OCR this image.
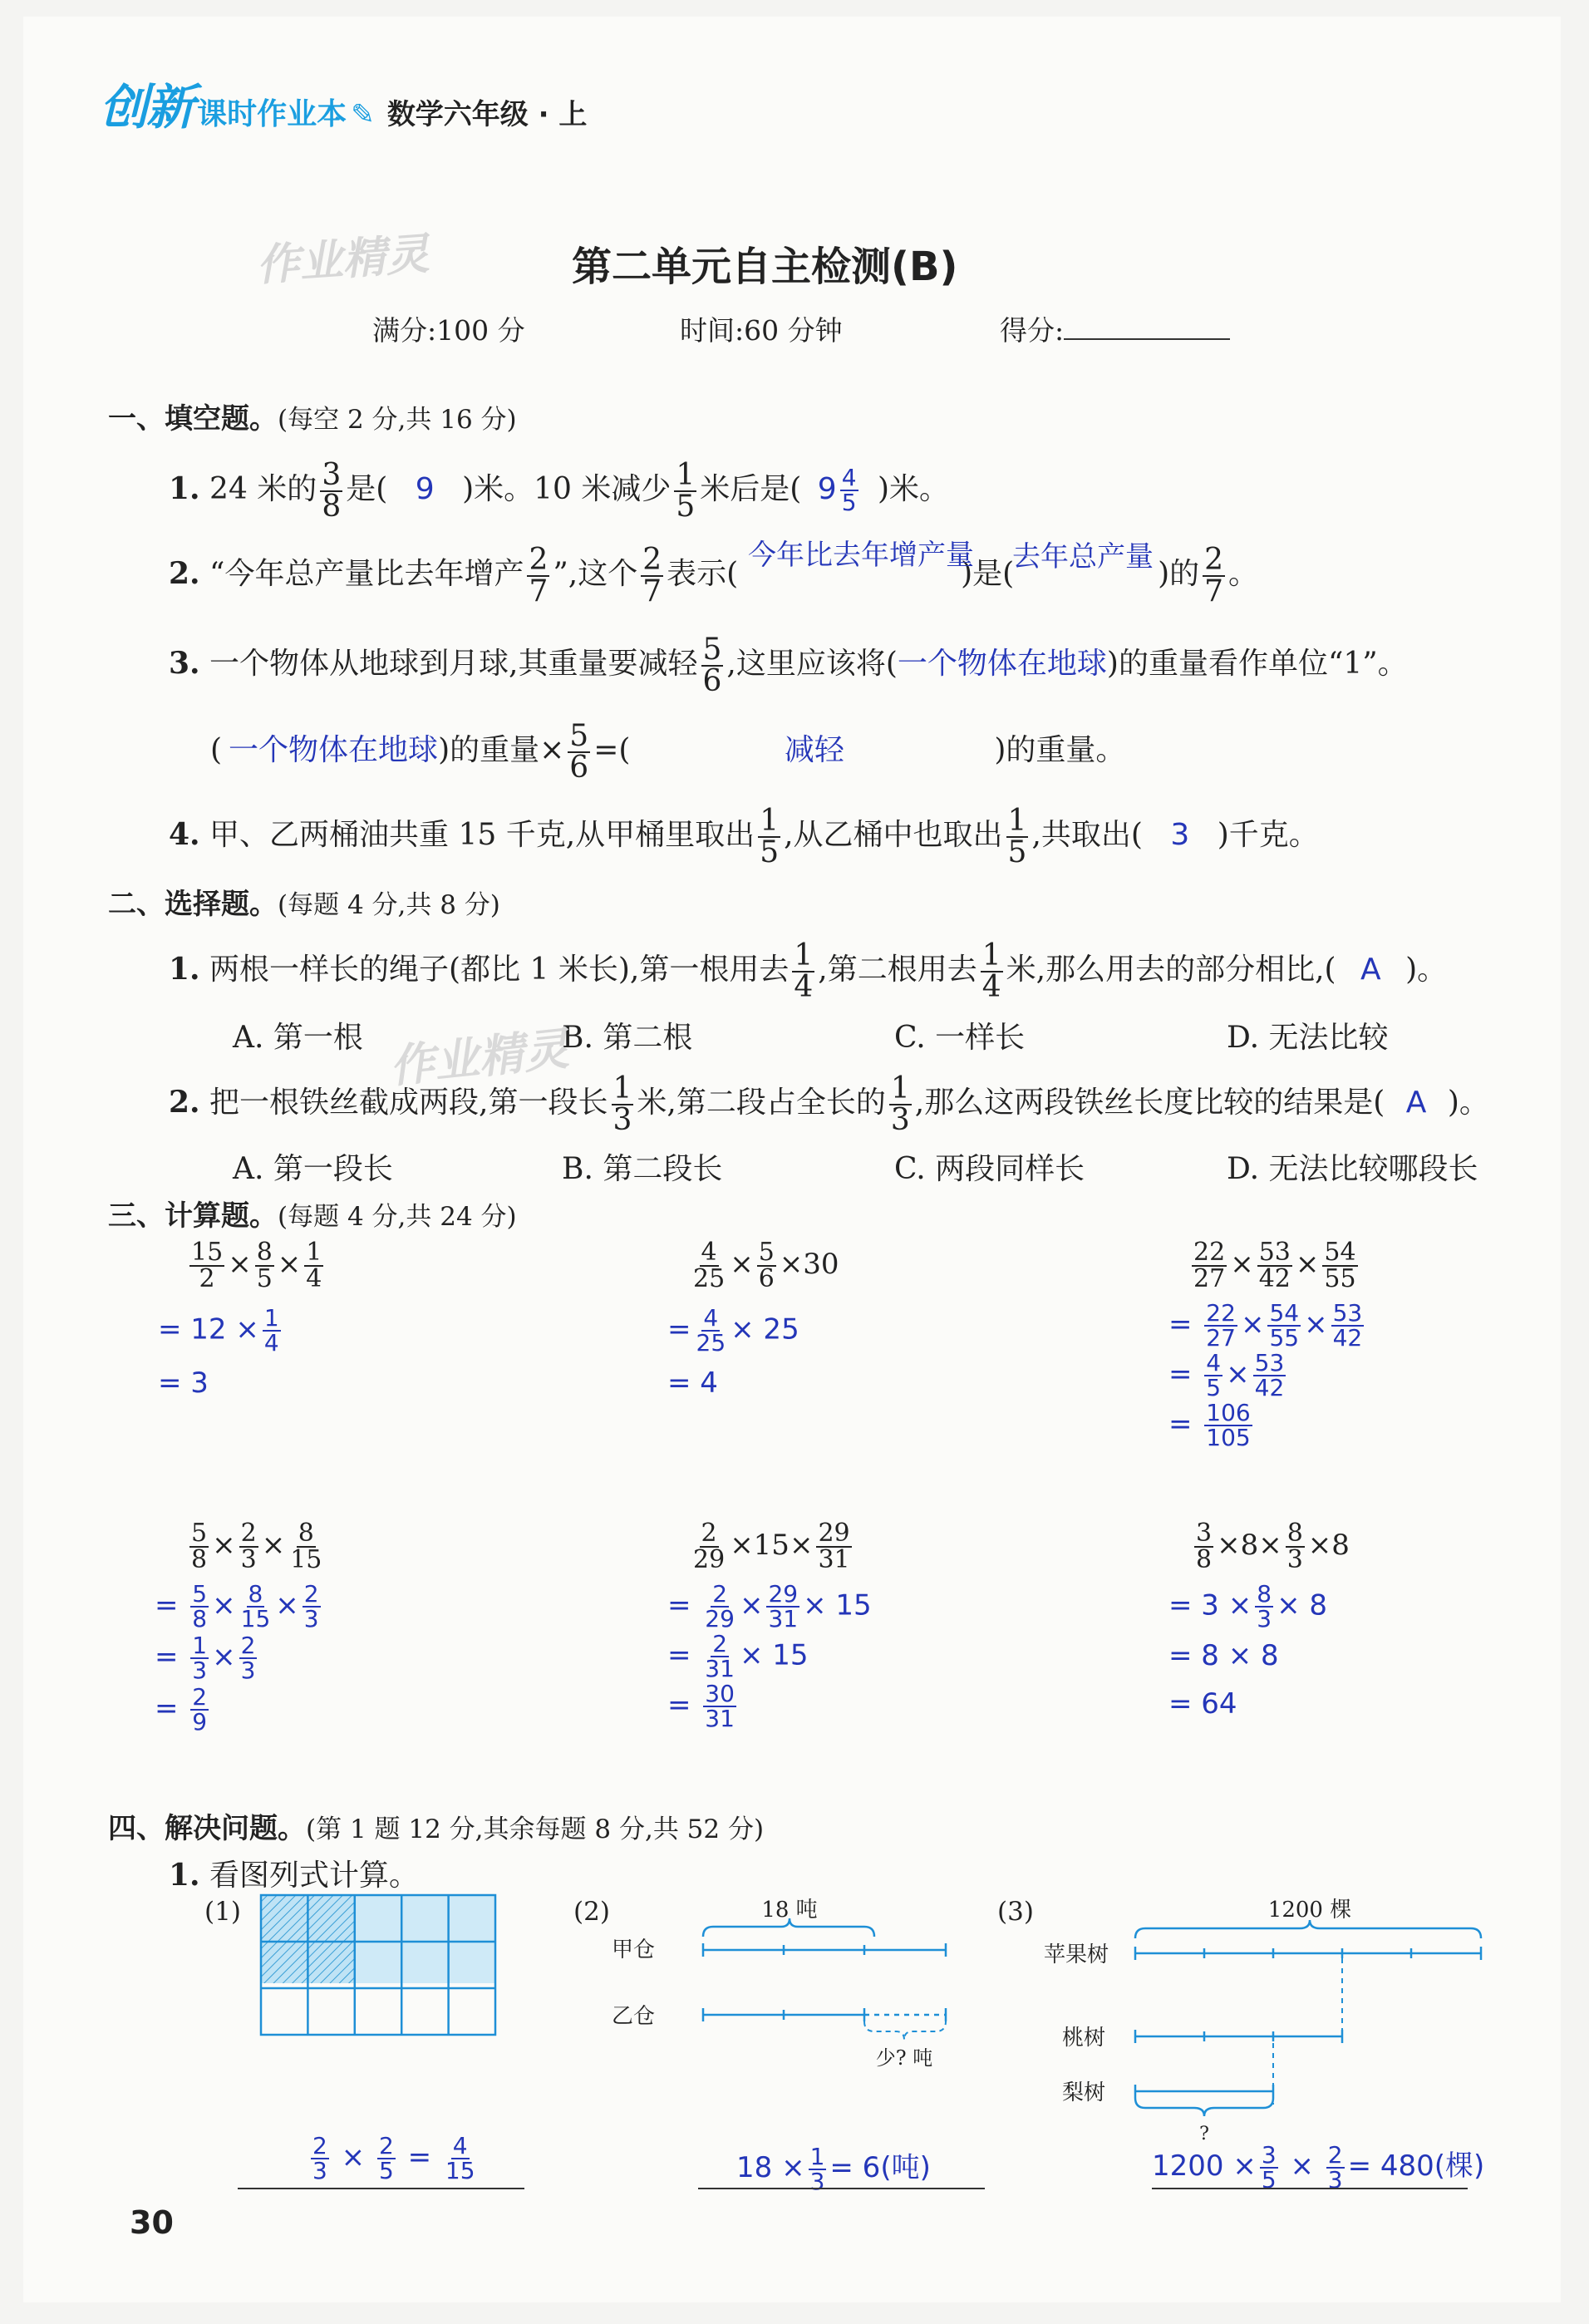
创新 课时作业本 ✎ 数学六年级 · 上
作业精灵	第二单元自主检测(B)
满分:100 分	时间:60 分钟	得分:
一、填空题。(每空 2 分,共 16 分)
1. 24 米的 $\frac{3}{8}$ 是( 9 )米。10 米减少 $\frac{1}{5}$ 米后是( $9 \frac{4}{5}$ )米。
2. “今年总产量比去年增产 $\frac{2}{7}$ ”,这个 $\frac{2}{7}$ 表示(	)是(	)的 $\frac{2}{7}$ 。
今年比去年增产量 去年总产量
3. 一个物体从地球到月球,其重量要减轻 $\frac{5}{6}$ ,这里应该将(一个物体在地球)的重量看作单位“1”。
( 一个物体在地球)的重量× $\frac{5}{6}$ =(	减轻	)的重量。
4. 甲、乙两桶油共重 15 千克,从甲桶里取出 $\frac{1}{5}$ ,从乙桶中也取出 $\frac{1}{5}$ ,共取出( 3 )千克。
二、选择题。(每题 4 分,共 8 分)
1. 两根一样长的绳子(都比 1 米长),第一根用去 $\frac{1}{4}$ ,第二根用去 $\frac{1}{4}$ 米,那么用去的部分相比,( A )。
A. 第一根	B. 第二根	C. 一样长	D. 无法比较
作业精灵
2. 把一根铁丝截成两段,第一段长 $\frac{1}{3}$ 米,第二段占全长的 $\frac{1}{3}$ ,那么这两段铁丝长度比较的结果是( A )。
A. 第一段长	B. 第二段长	C. 两段同样长	D. 无法比较哪段长
三、计算题。(每题 4 分,共 24 分)
$\frac{15}{2} \times \frac{8}{5} \times \frac{1}{4}$
= $12 \times \frac{1}{4}$
= 3
$\frac{4}{25} \times \frac{5}{6} \times 30$
= $\frac{4}{25} \times 25$
= 4
$\frac{22}{27} \times \frac{53}{42} \times \frac{54}{55}$
= $\frac{22}{27} \times \frac{54}{55} \times \frac{53}{42}$
= $\frac{4}{5} \times \frac{53}{42}$
= $\frac{106}{105}$
$\frac{5}{8} \times \frac{2}{3} \times \frac{8}{15}$
= $\frac{5}{8} \times \frac{8}{15} \times \frac{2}{3}$
= $\frac{1}{3} \times \frac{2}{3}$
= $\frac{2}{9}$
$\frac{2}{29} \times 15\times \frac{29}{31}$
= $\frac{2}{29} \times \frac{29}{31} \times 15$
= $\frac{2}{31} \times 15$
= $\frac{30}{31}$
$\frac{3}{8} \times 8\times \frac{8}{3} \times 8$
= $3 \times \frac{8}{3} \times 8$
= 8 × 8
= 64
四、解决问题。(第 1 题 12 分,其余每题 8 分,共 52 分)
1. 看图列式计算。
(1)
$\frac{2}{3} \times \frac{2}{5} = \frac{4}{15}$
(2)	18 吨
甲仓
乙仓
少? 吨
$18 \times \frac{1}{3} = 6$(吨)
(3)	1200 棵
苹果树
桃树
梨树
?
$1200 \times \frac{3}{5} \times \frac{2}{3} = 480$(棵)
30
